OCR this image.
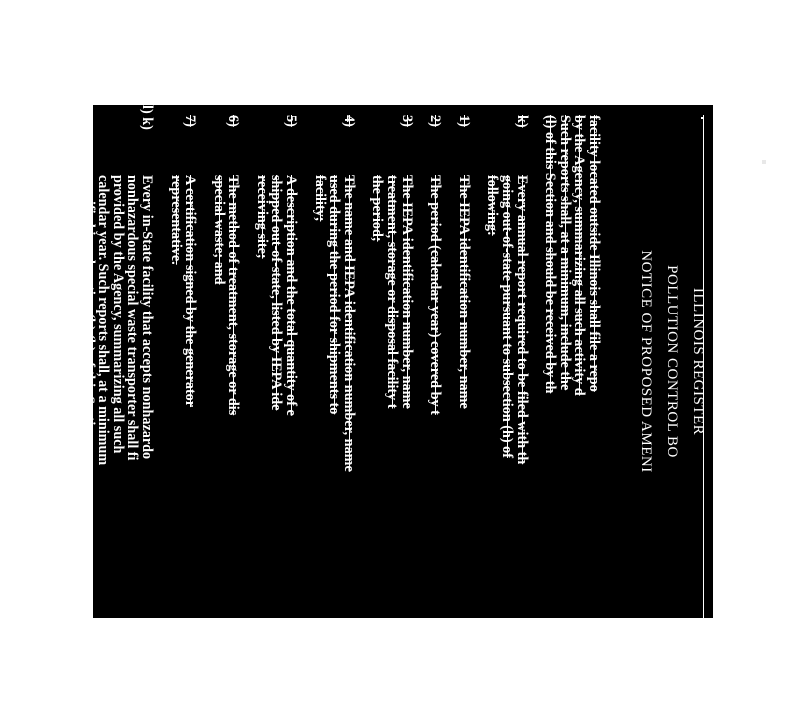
ILLINOIS REGISTER
POLLUTION CONTROL BO
NOTICE OF PROPOSED AMENI
facility located outside Illinois shall file a repo
by the Agency, summarizing all such activity d
Such reports shall, at a minimum, include the
(l) of this Section and should be received by th
k)
Every annual report required to be filed with th
going out-of-state pursuant to subsection (h) of
following:
1)
The IEPA identification number, name
2)
The period (calendar year) covered by t
3)
The IEPA identification number, name
treatment, storage or disposal facility t
the period;
4)
The name and IEPA identification number, name
used during the period for shipments to
facility;
5)
A description and the total quantity of e
shipped out-of-state, listed by IEPA ide
receiving site;
6)
The method of treatment, storage or dis
special waste; and
7)
A certification signed by the generator
representative.
l) k)
Every in-State facility that accepts nonhazardo
nonhazardous special waste transporter shall fi
provided by the Agency, summarizing all such
calendar year. Such reports shall, at a minimum
specified in subsection (h) (k) of this Section a
later than February 1. This subsection is applic
wastes that are delivered to a nonhazardous spe
January 1, 1991.
